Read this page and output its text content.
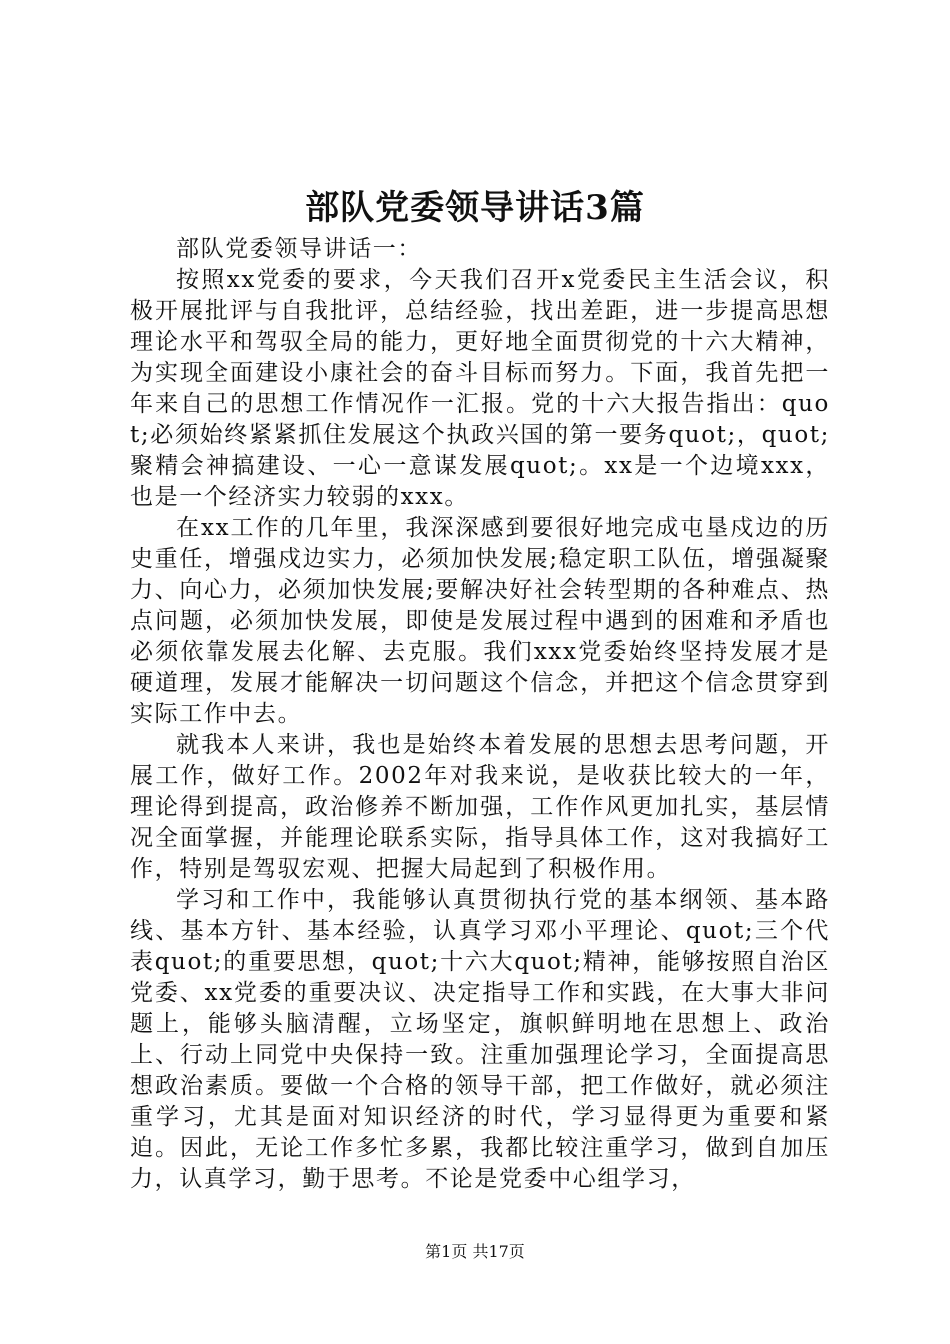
部队党委领导讲话3篇

部队党委领导讲话一：

按照xx党委的要求，今天我们召开x党委民主生活会议，积极开展批评与自我批评，总结经验，找出差距，进一步提高思想理论水平和驾驭全局的能力，更好地全面贯彻党的十六大精神，为实现全面建设小康社会的奋斗目标而努力。下面，我首先把一年来自己的思想工作情况作一汇报。党的十六大报告指出：quot;必须始终紧紧抓住发展这个执政兴国的第一要务quot;，quot;聚精会神搞建设、一心一意谋发展quot;。xx是一个边境xxx，也是一个经济实力较弱的xxx。

在xx工作的几年里，我深深感到要很好地完成屯垦戍边的历史重任，增强戍边实力，必须加快发展;稳定职工队伍，增强凝聚力、向心力，必须加快发展;要解决好社会转型期的各种难点、热点问题，必须加快发展，即使是发展过程中遇到的困难和矛盾也必须依靠发展去化解、去克服。我们xxx党委始终坚持发展才是硬道理，发展才能解决一切问题这个信念，并把这个信念贯穿到实际工作中去。

就我本人来讲，我也是始终本着发展的思想去思考问题，开展工作，做好工作。2002年对我来说，是收获比较大的一年，理论得到提高，政治修养不断加强，工作作风更加扎实，基层情况全面掌握，并能理论联系实际，指导具体工作，这对我搞好工作，特别是驾驭宏观、把握大局起到了积极作用。

学习和工作中，我能够认真贯彻执行党的基本纲领、基本路线、基本方针、基本经验，认真学习邓小平理论、quot;三个代表quot;的重要思想，quot;十六大quot;精神，能够按照自治区党委、xx党委的重要决议、决定指导工作和实践，在大事大非问题上，能够头脑清醒，立场坚定，旗帜鲜明地在思想上、政治上、行动上同党中央保持一致。注重加强理论学习，全面提高思想政治素质。要做一个合格的领导干部，把工作做好，就必须注重学习，尤其是面对知识经济的时代，学习显得更为重要和紧迫。因此，无论工作多忙多累，我都比较注重学习，做到自加压力，认真学习，勤于思考。不论是党委中心组学习，

第1页 共17页
